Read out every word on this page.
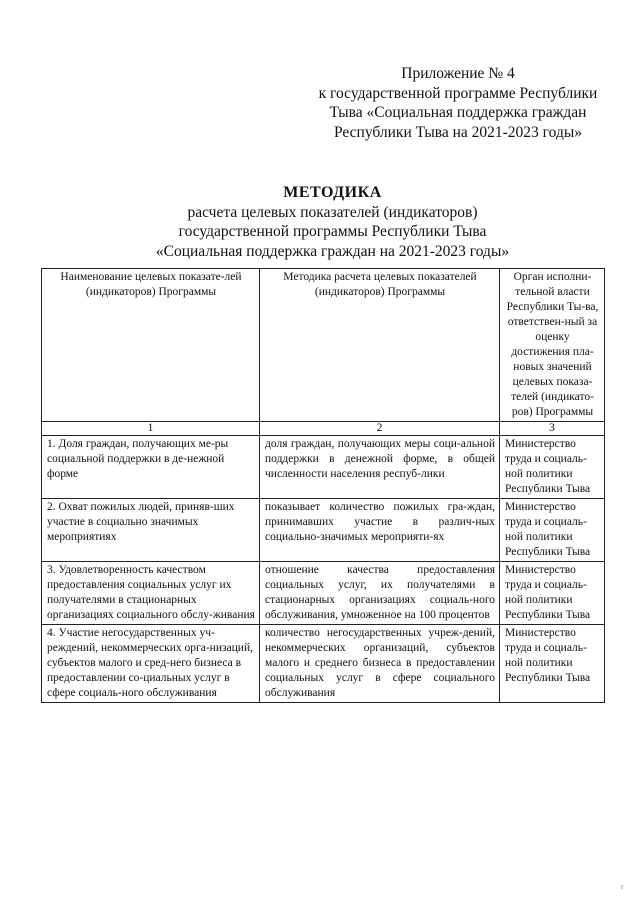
Приложение № 4
к государственной программе Республики
Тыва «Социальная поддержка граждан
Республики Тыва на 2021-2023 годы»
МЕТОДИКА
расчета целевых показателей (индикаторов)
государственной программы Республики Тыва
«Социальная поддержка граждан на 2021-2023 годы»
Наименование целевых показате-лей (индикаторов) Программы	Методика расчета целевых показателей (индикаторов) Программы	Орган исполни-тельной власти Республики Ты-ва, ответствен-ный за оценку достижения пла-новых значений целевых показа-телей (индикато-ров) Программы
1	2	3
1. Доля граждан, получающих ме-ры социальной поддержки в де-нежной форме	доля граждан, получающих меры соци-альной поддержки в денежной форме, в общей численности населения респуб-лики	Министерство труда и социаль-ной политики Республики Тыва
2. Охват пожилых людей, приняв-ших участие в социально значимых мероприятиях	показывает количество пожилых гра-ждан, принимавших участие в различ-ных социально-значимых мероприяти-ях	Министерство труда и социаль-ной политики Республики Тыва
3. Удовлетворенность качеством предоставления социальных услуг их получателями в стационарных организациях социального обслу-живания	отношение качества предоставления социальных услуг, их получателями в стационарных организациях социаль-ного обслуживания, умноженное на 100 процентов	Министерство труда и социаль-ной политики Республики Тыва
4. Участие негосударственных уч-реждений, некоммерческих орга-низаций, субъектов малого и сред-него бизнеса в предоставлении со-циальных услуг в сфере социаль-ного обслуживания	количество негосударственных учреж-дений, некоммерческих организаций, субъектов малого и среднего бизнеса в предоставлении социальных услуг в сфере социального обслуживания	Министерство труда и социаль-ной политики Республики Тыва
г
